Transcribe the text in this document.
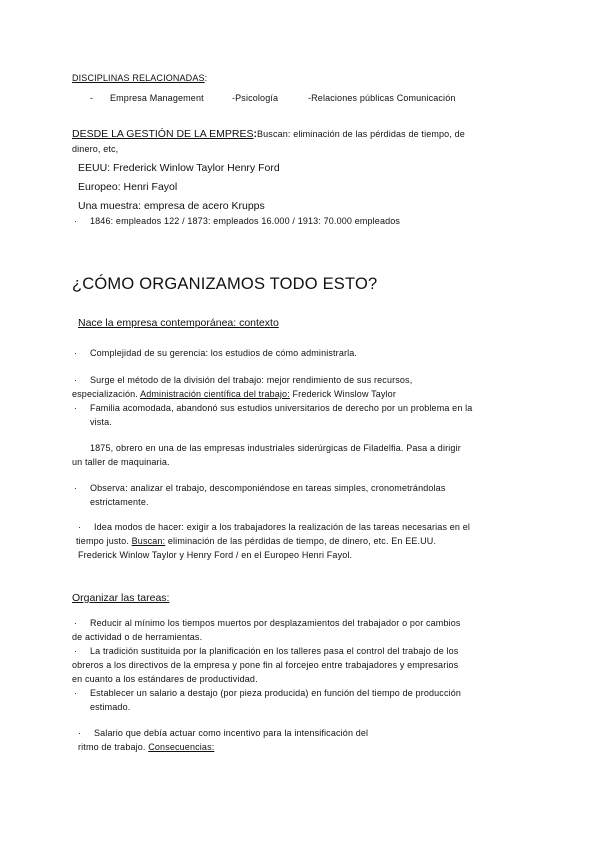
DISCIPLINAS RELACIONADAS:
- Empresa Management	-Psicología	-Relaciones públicas Comunicación
DESDE LA GESTIÓN DE LA EMPRES:Buscan: eliminación de las pérdidas de tiempo, de
dinero, etc,
EEUU: Frederick Winlow Taylor Henry Ford
Europeo: Henri Fayol
Una muestra: empresa de acero Krupps
· 1846: empleados 122 / 1873: empleados 16.000 / 1913: 70.000 empleados
¿CÓMO ORGANIZAMOS TODO ESTO?
Nace la empresa contemporánea: contexto
· Complejidad de su gerencia: los estudios de cómo administrarla.
· Surge el método de la división del trabajo: mejor rendimiento de sus recursos,
especialización. Administración científica del trabajo: Frederick Winslow Taylor
· Familia acomodada, abandonó sus estudios universitarios de derecho por un problema en la
vista.
1875, obrero en una de las empresas industriales siderúrgicas de Filadelfia. Pasa a dirigir
un taller de maquinaria.
· Observa: analizar el trabajo, descomponiéndose en tareas simples, cronometrándolas
estrictamente.
· Idea modos de hacer: exigir a los trabajadores la realización de las tareas necesarias en el
tiempo justo. Buscan: eliminación de las pérdidas de tiempo, de dinero, etc. En EE.UU.
Frederick Winlow Taylor y Henry Ford / en el Europeo Henri Fayol.
Organizar las tareas:
· Reducir al mínimo los tiempos muertos por desplazamientos del trabajador o por cambios
de actividad o de herramientas.
· La tradición sustituida por la planificación en los talleres pasa el control del trabajo de los
obreros a los directivos de la empresa y pone fin al forcejeo entre trabajadores y empresarios
en cuanto a los estándares de productividad.
· Establecer un salario a destajo (por pieza producida) en función del tiempo de producción
estimado.
· Salario que debía actuar como incentivo para la intensificación del
ritmo de trabajo. Consecuencias:
